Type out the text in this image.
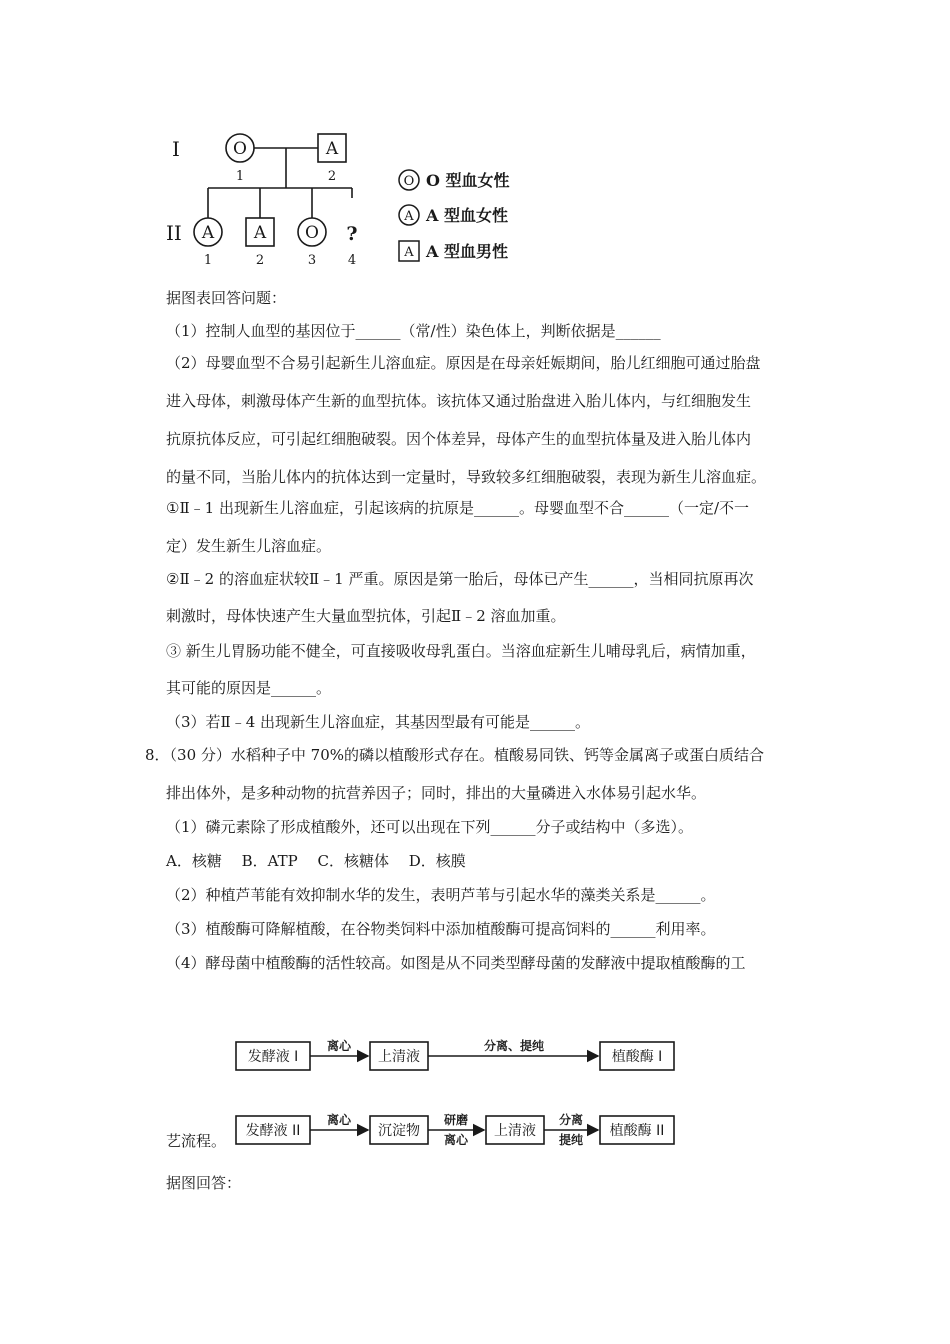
I
II
O	A
1	2
A A O ?
1	2	3 4
O
A
A
O 型血女性
A 型血女性
A 型血男性
据图表回答问题：
（1）控制人血型的基因位于______（常/性）染色体上，判断依据是______
（2）母婴血型不合易引起新生儿溶血症。原因是在母亲妊娠期间，胎儿红细胞可通过胎盘
进入母体，刺激母体产生新的血型抗体。该抗体又通过胎盘进入胎儿体内，与红细胞发生
抗原抗体反应，可引起红细胞破裂。因个体差异，母体产生的血型抗体量及进入胎儿体内
的量不同，当胎儿体内的抗体达到一定量时，导致较多红细胞破裂，表现为新生儿溶血症。
①Ⅱ﹣1 出现新生儿溶血症，引起该病的抗原是______。母婴血型不合______（一定/不一
定）发生新生儿溶血症。
②Ⅱ﹣2 的溶血症状较Ⅱ﹣1 严重。原因是第一胎后，母体已产生______，当相同抗原再次
刺激时，母体快速产生大量血型抗体，引起Ⅱ﹣2 溶血加重。
③ 新生儿胃肠功能不健全，可直接吸收母乳蛋白。当溶血症新生儿哺母乳后，病情加重，
其可能的原因是______。
（3）若Ⅱ﹣4 出现新生儿溶血症，其基因型最有可能是______。
8．（30 分）水稻种子中 70%的磷以植酸形式存在。植酸易同铁、钙等金属离子或蛋白质结合
排出体外，是多种动物的抗营养因子；同时，排出的大量磷进入水体易引起水华。
（1）磷元素除了形成植酸外，还可以出现在下列______分子或结构中（多选）。
A．核糖　 B．ATP　 C．核糖体　 D．核膜
（2）种植芦苇能有效抑制水华的发生，表明芦苇与引起水华的藻类关系是______。
（3）植酸酶可降解植酸，在谷物类饲料中添加植酸酶可提高饲料的______利用率。
（4）酵母菌中植酸酶的活性较高。如图是从不同类型酵母菌的发酵液中提取植酸酶的工
艺流程。
据图回答：
发酵液 I
离心
上清液
分离、提纯
植酸酶 I
发酵液 II
离心
沉淀物
研磨
离心
上清液
分离
提纯
植酸酶 II
